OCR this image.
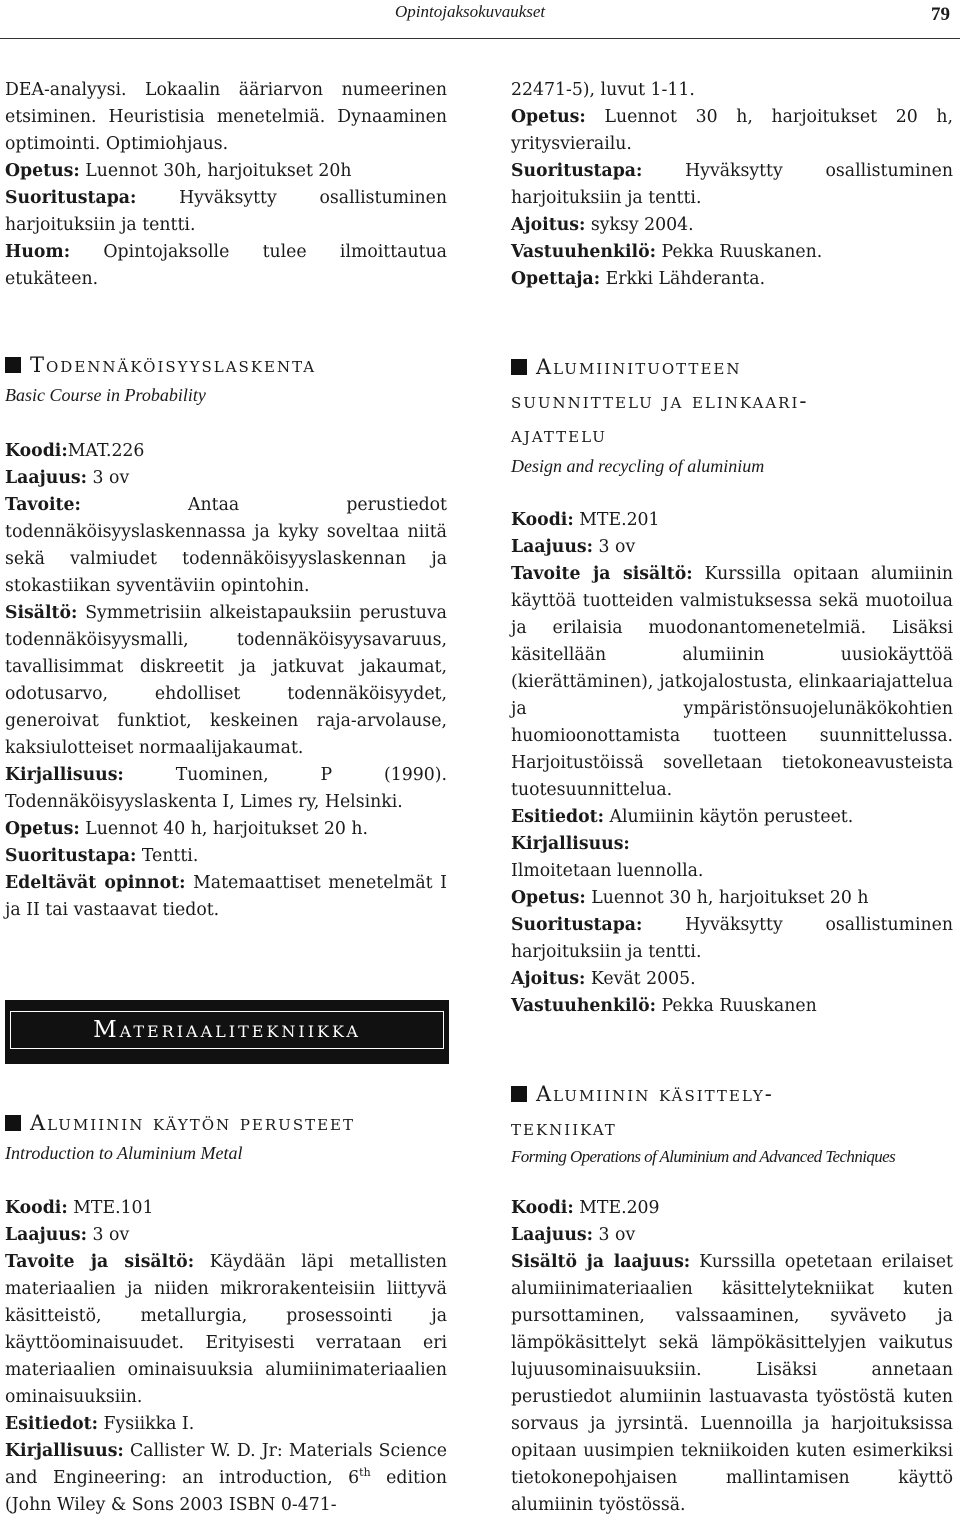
Opintojaksokuvaukset	79

DEA-analyysi. Lokaalin ääriarvon numeerinen etsiminen. Heuristisia menetelmiä. Dynaaminen optimointi. Optimiohjaus.

Opetus: Luennot 30h, harjoitukset 20h

Suoritustapa: Hyväksytty osallistuminen harjoituksiin ja tentti.

Huom: Opintojaksolle tulee ilmoittautua etukäteen.

22471-5), luvut 1-11.

Opetus: Luennot 30 h, harjoitukset 20 h, yritysvierailu.

Suoritustapa: Hyväksytty osallistuminen harjoituksiin ja tentti.

Ajoitus: syksy 2004.

Vastuuhenkilö: Pekka Ruuskanen.

Opettaja: Erkki Lähderanta.

Todennäköisyyslaskenta
Basic Course in Probability

Koodi:MAT.226

Laajuus: 3 ov

Tavoite:	Antaa perustiedot todennäköisyyslaskennassa ja kyky soveltaa niitä sekä valmiudet todennäköisyyslaskennan ja stokastiikan syventäviin opintohin.

Sisältö: Symmetrisiin alkeistapauksiin perustuva todennäköisyysmalli, todennäköisyysavaruus, tavallisimmat diskreetit ja jatkuvat jakaumat, odotusarvo, ehdolliset todennäköisyydet, generoivat funktiot, keskeinen raja-arvolause, kaksiulotteiset normaalijakaumat.

Kirjallisuus:	Tuominen, P (1990). Todennäköisyyslaskenta I, Limes ry, Helsinki.

Opetus: Luennot 40 h, harjoitukset 20 h.

Suoritustapa: Tentti.

Edeltävät opinnot: Matemaattiset menetelmät I ja II tai vastaavat tiedot.

Materiaalitekniikka
Alumiinin käytön perusteet
Introduction to Aluminium Metal

Koodi: MTE.101

Laajuus: 3 ov

Tavoite ja sisältö: Käydään läpi metallisten materiaalien ja niiden mikrorakenteisiin liittyvä käsitteistö, metallurgia, prosessointi ja käyttöominaisuudet. Erityisesti verrataan eri materiaalien ominaisuuksia alumiinimateriaalien ominaisuuksiin.

Esitiedot: Fysiikka I.

Kirjallisuus: Callister W. D. Jr: Materials Science and Engineering: an introduction, 6th edition (John Wiley & Sons 2003 ISBN 0-471-

Alumiinituotteen
suunnittelu ja elinkaari-
ajattelu
Design and recycling of aluminium

Koodi: MTE.201

Laajuus: 3 ov

Tavoite ja sisältö: Kurssilla opitaan alumiinin käyttöä tuotteiden valmistuksessa sekä muotoilua ja erilaisia muodonantomenetelmiä. Lisäksi käsitellään alumiinin uusiokäyttöä (kierättäminen), jatkojalostusta, elinkaariajattelua ja ympäristönsuojelunäkökohtien huomioonottamista tuotteen suunnittelussa. Harjoitustöissä sovelletaan tietokoneavusteista tuotesuunnittelua.

Esitiedot: Alumiinin käytön perusteet.

Kirjallisuus:

Ilmoitetaan luennolla.

Opetus: Luennot 30 h, harjoitukset 20 h

Suoritustapa: Hyväksytty osallistuminen harjoituksiin ja tentti.

Ajoitus: Kevät 2005.

Vastuuhenkilö: Pekka Ruuskanen

Alumiinin käsittely-
tekniikat
Forming Operations of Aluminium and Advanced Techniques

Koodi: MTE.209

Laajuus: 3 ov

Sisältö ja laajuus: Kurssilla opetetaan erilaiset alumiinimateriaalien käsittelytekniikat kuten pursottaminen, valssaaminen, syväveto ja lämpökäsittelyt sekä lämpökäsittelyjen vaikutus lujuusominaisuuksiin. Lisäksi annetaan perustiedot alumiinin lastuavasta työstöstä kuten sorvaus ja jyrsintä. Luennoilla ja harjoituksissa opitaan uusimpien tekniikoiden kuten esimerkiksi tietokonepohjaisen mallintamisen käyttö alumiinin työstössä.
